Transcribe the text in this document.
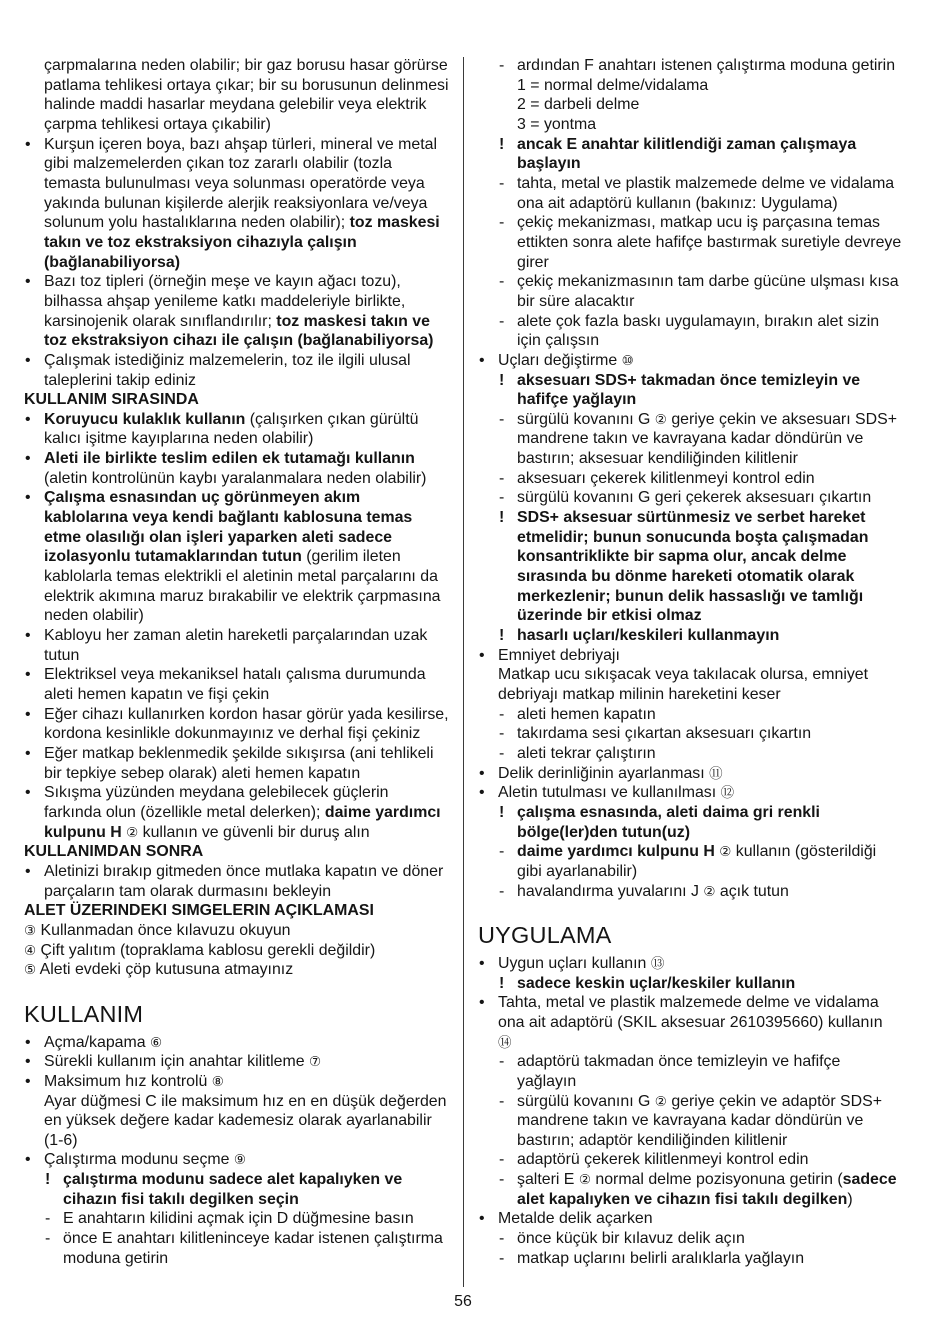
çarpmalarına neden olabilir; bir gaz borusu hasar görürse
patlama tehlikesi ortaya çıkar; bir su borusunun delinmesi
halinde maddi hasarlar meydana gelebilir veya elektrik
çarpma tehlikesi ortaya çıkabilir)
• Kurşun içeren boya, bazı ahşap türleri, mineral ve metal
gibi malzemelerden çıkan toz zararlı olabilir (tozla
temasta bulunulması veya solunması operatörde veya
yakında bulunan kişilerde alerjik reaksiyonlara ve/veya
solunum yolu hastalıklarına neden olabilir); toz maskesi
takın ve toz ekstraksiyon cihazıyla çalışın
(bağlanabiliyorsa)
• Bazı toz tipleri (örneğin meşe ve kayın ağacı tozu),
bilhassa ahşap yenileme katkı maddeleriyle birlikte,
karsinojenik olarak sınıflandırılır; toz maskesi takın ve
toz ekstraksiyon cihazı ile çalışın (bağlanabiliyorsa)
• Çalışmak istediğiniz malzemelerin, toz ile ilgili ulusal
taleplerini takip ediniz
KULLANIM SIRASINDA
• Koruyucu kulaklık kullanın (çalışırken çıkan gürültü
kalıcı işitme kayıplarına neden olabilir)
• Aleti ile birlikte teslim edilen ek tutamağı kullanın
(aletin kontrolünün kaybı yaralanmalara neden olabilir)
• Çalışma esnasından uç görünmeyen akım
kablolarına veya kendi bağlantı kablosuna temas
etme olasılığı olan işleri yaparken aleti sadece
izolasyonlu tutamaklarından tutun (gerilim ileten
kablolarla temas elektrikli el aletinin metal parçalarını da
elektrik akımına maruz bırakabilir ve elektrik çarpmasına
neden olabilir)
• Kabloyu her zaman aletin hareketli parçalarından uzak
tutun
• Elektriksel veya mekaniksel hatalı çalısma durumunda
aleti hemen kapatın ve fişi çekin
• Eğer cihazı kullanırken kordon hasar görür yada kesilirse,
kordona kesinlikle dokunmayınız ve derhal fişi çekiniz
• Eğer matkap beklenmedik şekilde sıkışırsa (ani tehlikeli
bir tepkiye sebep olarak) aleti hemen kapatın
• Sıkışma yüzünden meydana gelebilecek güçlerin
farkında olun (özellikle metal delerken); daime yardımcı
kulpunu H ② kullanın ve güvenli bir duruş alın
KULLANIMDAN SONRA
• Aletinizi bırakıp gitmeden önce mutlaka kapatın ve döner
parçaların tam olarak durmasını bekleyin
ALET ÜZERINDEKI SIMGELERIN AÇIKLAMASI
③ Kullanmadan önce kılavuzu okuyun
④ Çift yalıtım (topraklama kablosu gerekli değildir)
⑤ Aleti evdeki çöp kutusuna atmayınız
KULLANIM
• Açma/kapama ⑥
• Sürekli kullanım için anahtar kilitleme ⑦
• Maksimum hız kontrolü ⑧
Ayar düğmesi C ile maksimum hız en en düşük değerden
en yüksek değere kadar kademesiz olarak ayarlanabilir
(1-6)
• Çalıştırma modunu seçme ⑨
! çalıştırma modunu sadece alet kapalıyken ve
cihazın fisi takılı degilken seçin
- E anahtarın kilidini açmak için D düğmesine basın
- önce E anahtarı kilitleninceye kadar istenen çalıştırma
moduna getirin
- ardından F anahtarı istenen çalıştırma moduna getirin
1 = normal delme/vidalama
2 = darbeli delme
3 = yontma
! ancak E anahtar kilitlendiği zaman çalışmaya
başlayın
- tahta, metal ve plastik malzemede delme ve vidalama
ona ait adaptörü kullanın (bakınız: Uygulama)
- çekiç mekanizması, matkap ucu iş parçasına temas
ettikten sonra alete hafifçe bastırmak suretiyle devreye
girer
- çekiç mekanizmasının tam darbe gücüne ulşması kısa
bir süre alacaktır
- alete çok fazla baskı uygulamayın, bırakın alet sizin
için çalışsın
• Uçları değiştirme ⑩
! aksesuarı SDS+ takmadan önce temizleyin ve
hafifçe yağlayın
- sürgülü kovanını G ② geriye çekin ve aksesuarı SDS+
mandrene takın ve kavrayana kadar döndürün ve
bastırın; aksesuar kendiliğinden kilitlenir
- aksesuarı çekerek kilitlenmeyi kontrol edin
- sürgülü kovanını G geri çekerek aksesuarı çıkartın
! SDS+ aksesuar sürtünmesiz ve serbet hareket
etmelidir; bunun sonucunda boşta çalışmadan
konsantriklikte bir sapma olur, ancak delme
sırasında bu dönme hareketi otomatik olarak
merkezlenir; bunun delik hassaslığı ve tamlığı
üzerinde bir etkisi olmaz
! hasarlı uçları/keskileri kullanmayın
• Emniyet debriyajı
Matkap ucu sıkışacak veya takılacak olursa, emniyet
debriyajı matkap milinin hareketini keser
- aleti hemen kapatın
- takırdama sesi çıkartan aksesuarı çıkartın
- aleti tekrar çalıştırın
• Delik derinliğinin ayarlanması ⑪
• Aletin tutulması ve kullanılması ⑫
! çalışma esnasında, aleti daima gri renkli
bölge(ler)den tutun(uz)
- daime yardımcı kulpunu H ② kullanın (gösterildiği
gibi ayarlanabilir)
- havalandırma yuvalarını J ② açık tutun
UYGULAMA
• Uygun uçları kullanın ⑬
! sadece keskin uçlar/keskiler kullanın
• Tahta, metal ve plastik malzemede delme ve vidalama
ona ait adaptörü (SKIL aksesuar 2610395660) kullanın
⑭
- adaptörü takmadan önce temizleyin ve hafifçe
yağlayın
- sürgülü kovanını G ② geriye çekin ve adaptör SDS+
mandrene takın ve kavrayana kadar döndürün ve
bastırın; adaptör kendiliğinden kilitlenir
- adaptörü çekerek kilitlenmeyi kontrol edin
- şalteri E ② normal delme pozisyonuna getirin (sadece
alet kapalıyken ve cihazın fisi takılı degilken)
• Metalde delik açarken
- önce küçük bir kılavuz delik açın
- matkap uçlarını belirli aralıklarla yağlayın
56
